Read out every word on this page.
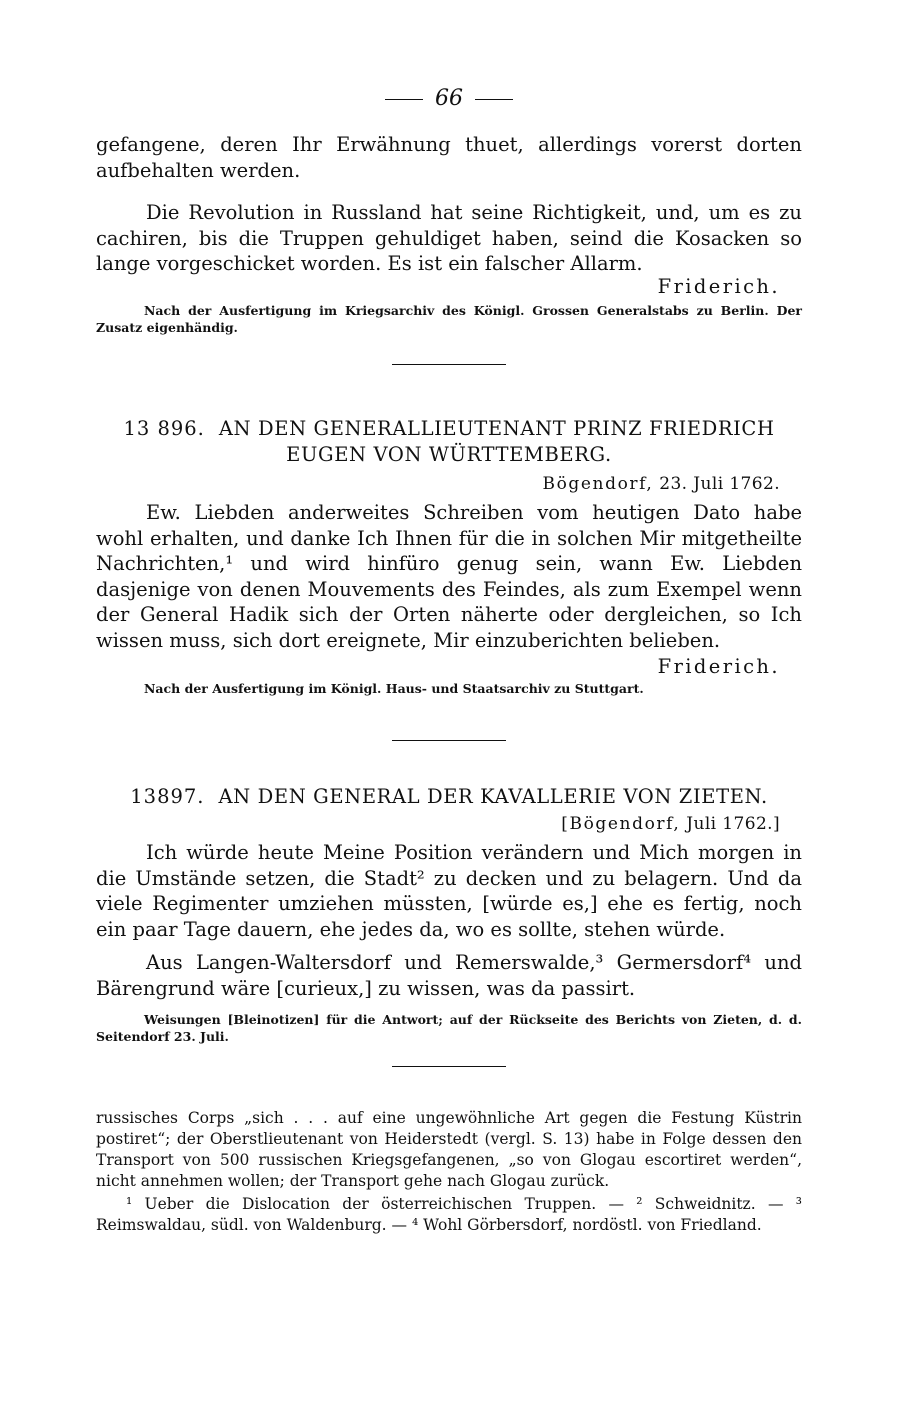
66

gefangene, deren Ihr Erwähnung thuet, allerdings vorerst dorten aufbehalten werden.

Die Revolution in Russland hat seine Richtigkeit, und, um es zu cachiren, bis die Truppen gehuldiget haben, seind die Kosacken so lange vorgeschicket worden. Es ist ein falscher Allarm.

Friderich.

Nach der Ausfertigung im Kriegsarchiv des Königl. Grossen Generalstabs zu Berlin. Der Zusatz eigenhändig.

13 896. AN DEN GENERALLIEUTENANT PRINZ FRIEDRICH EUGEN VON WÜRTTEMBERG.

Bögendorf, 23. Juli 1762.

Ew. Liebden anderweites Schreiben vom heutigen Dato habe wohl erhalten, und danke Ich Ihnen für die in solchen Mir mitgetheilte Nachrichten,¹ und wird hinfüro genug sein, wann Ew. Liebden dasjenige von denen Mouvements des Feindes, als zum Exempel wenn der General Hadik sich der Orten näherte oder dergleichen, so Ich wissen muss, sich dort ereignete, Mir einzuberichten belieben.

Friderich.

Nach der Ausfertigung im Königl. Haus- und Staatsarchiv zu Stuttgart.

13897. AN DEN GENERAL DER KAVALLERIE VON ZIETEN.

[Bögendorf, Juli 1762.]

Ich würde heute Meine Position verändern und Mich morgen in die Umstände setzen, die Stadt² zu decken und zu belagern. Und da viele Regimenter umziehen müssten, [würde es,] ehe es fertig, noch ein paar Tage dauern, ehe jedes da, wo es sollte, stehen würde.

Aus Langen-Waltersdorf und Remerswalde,³ Germersdorf⁴ und Bärengrund wäre [curieux,] zu wissen, was da passirt.

Weisungen [Bleinotizen] für die Antwort; auf der Rückseite des Berichts von Zieten, d. d. Seitendorf 23. Juli.

russisches Corps „sich . . . auf eine ungewöhnliche Art gegen die Festung Küstrin postiret“; der Oberstlieutenant von Heiderstedt (vergl. S. 13) habe in Folge dessen den Transport von 500 russischen Kriegsgefangenen, „so von Glogau escortiret werden“, nicht annehmen wollen; der Transport gehe nach Glogau zurück.

¹ Ueber die Dislocation der österreichischen Truppen. — ² Schweidnitz. — ³ Reimswaldau, südl. von Waldenburg. — ⁴ Wohl Görbersdorf, nordöstl. von Friedland.
